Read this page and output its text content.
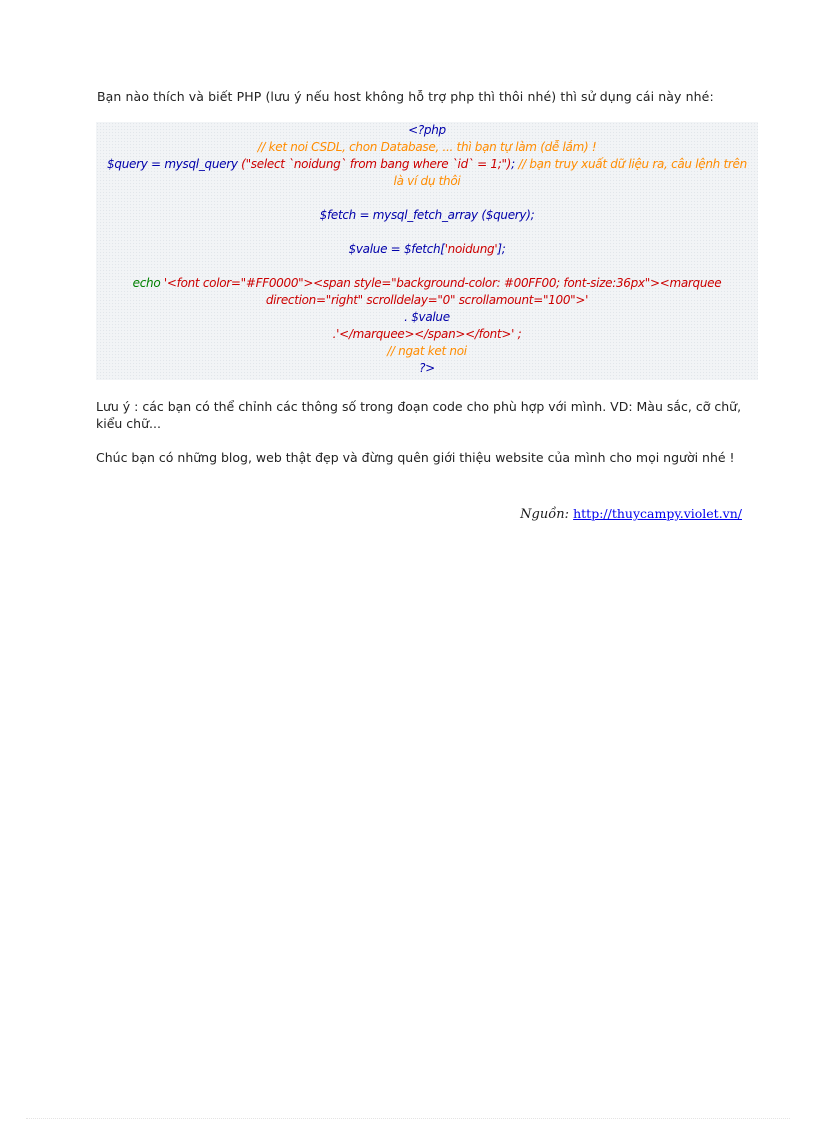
Bạn nào thích và biết PHP (lưu ý nếu host không hỗ trợ php thì thôi nhé) thì sử dụng cái này nhé:

<?php
// ket noi CSDL, chon Database, ... thì bạn tự làm (dễ lắm) !
$query = mysql_query ("select `noidung` from bang where `id` = 1;"); // bạn truy xuất dữ liệu ra, câu lệnh trên là ví dụ thôi
$fetch = mysql_fetch_array ($query);
$value = $fetch['noidung'];
echo '<font color="#FF0000"><span style="background-color: #00FF00; font-size:36px"><marquee direction="right" scrolldelay="0" scrollamount="100">'
. $value
.'</marquee></span></font>' ;
// ngat ket noi
?>

Lưu ý : các bạn có thể chỉnh các thông số trong đoạn code cho phù hợp với mình. VD: Màu sắc, cỡ chữ, kiểu chữ...

Chúc bạn có những blog, web thật đẹp và đừng quên giới thiệu website của mình cho mọi người nhé !

Nguồn: http://thuycampy.violet.vn/
